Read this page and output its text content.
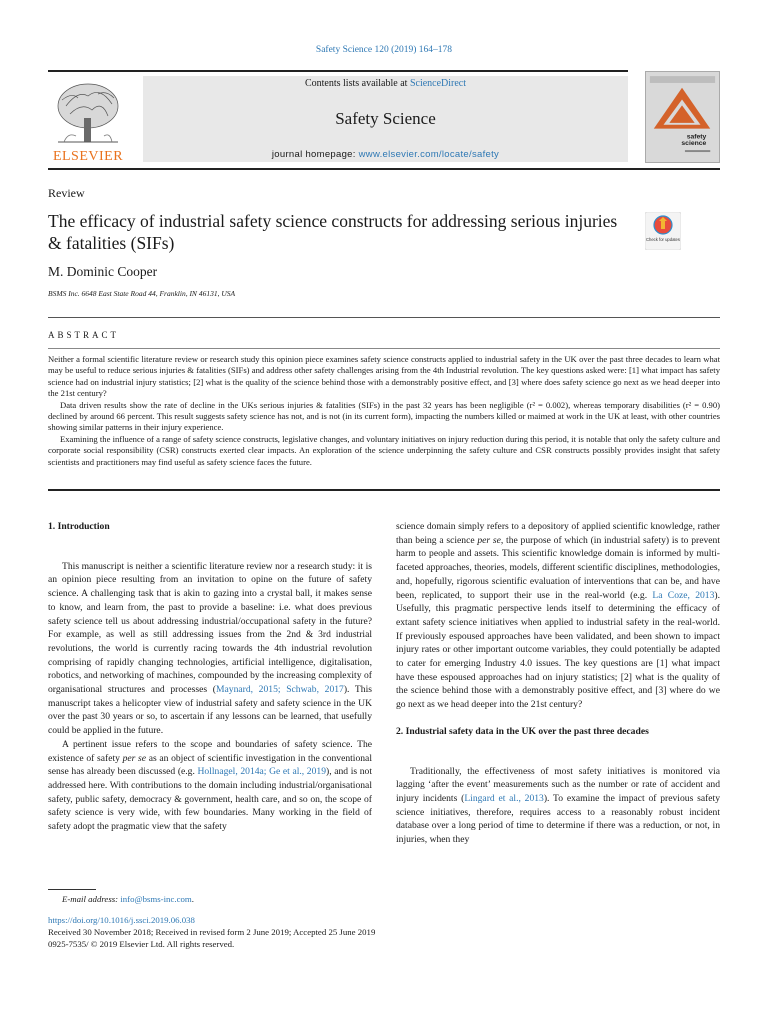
Safety Science 120 (2019) 164–178
ELSEVIER
Contents lists available at ScienceDirect
Safety Science
journal homepage: www.elsevier.com/locate/safety
safety
science
Review
The efficacy of industrial safety science constructs for addressing serious injuries & fatalities (SIFs)
M. Dominic Cooper
BSMS Inc. 6648 East State Road 44, Franklin, IN 46131, USA
Check for updates
ABSTRACT

Neither a formal scientific literature review or research study this opinion piece examines safety science constructs applied to industrial safety in the UK over the past three decades to learn what may be useful to reduce serious injuries & fatalities (SIFs) and address other safety challenges arising from the 4th Industrial revolution. The key questions asked were: [1] what impact has safety science had on industrial injury statistics; [2] what is the quality of the science behind those with a demonstrably positive effect, and [3] where does safety science go next as we head deeper into the 21st century?

Data driven results show the rate of decline in the UKs serious injuries & fatalities (SIFs) in the past 32 years has been negligible (r² = 0.002), whereas temporary disabilities (r² = 0.90) declined by around 66 percent. This result suggests safety science has not, and is not (in its current form), impacting the numbers killed or maimed at work in the UK at least, with other countries showing similar patterns in their injury experience.

Examining the influence of a range of safety science constructs, legislative changes, and voluntary initiatives on injury reduction during this period, it is notable that only the safety culture and corporate social responsibility (CSR) constructs exerted clear impacts. An exploration of the science underpinning the safety culture and CSR constructs possibly provides insight that safety scientists and practitioners may find useful as safety science faces the future.

1. Introduction

This manuscript is neither a scientific literature review nor a research study: it is an opinion piece resulting from an invitation to opine on the future of safety science. A challenging task that is akin to gazing into a crystal ball, it makes sense to know, and learn from, the past to provide a baseline: i.e. what does previous safety science tell us about addressing industrial/occupational safety in the future? For example, as well as still addressing issues from the 2nd & 3rd industrial revolutions, the world is currently racing towards the 4th industrial revolution comprising of rapidly changing technologies, artificial intelligence, digitalisation, robotics, and networking of machines, compounded by the increasing complexity of organisational structures and processes (Maynard, 2015; Schwab, 2017). This manuscript takes a helicopter view of industrial safety and safety science in the UK over the past 30 years or so, to ascertain if any lessons can be learned, that usefully could be applied in the future.

A pertinent issue refers to the scope and boundaries of safety science. The existence of safety per se as an object of scientific investigation in the conventional sense has already been discussed (e.g. Hollnagel, 2014a; Ge et al., 2019), and is not addressed here. With contributions to the domain including industrial/organisational safety, public safety, democracy & government, health care, and so on, the scope of safety science is very wide, with few boundaries. Many working in the field of safety adopt the pragmatic view that the safety

science domain simply refers to a depository of applied scientific knowledge, rather than being a science per se, the purpose of which (in industrial safety) is to prevent harm to people and assets. This scientific knowledge domain is informed by multi-faceted approaches, theories, models, different scientific disciplines, methodologies, and, hopefully, rigorous scientific evaluation of interventions that can be, and have been, replicated, to support their use in the real-world (e.g. La Coze, 2013). Usefully, this pragmatic perspective lends itself to determining the efficacy of extant safety science initiatives when applied to industrial safety in the real-world. If previously espoused approaches have been validated, and been shown to impact injury rates or other important outcome variables, they could potentially be adapted to cater for emerging Industry 4.0 issues. The key questions are [1] what impact have these espoused approaches had on injury statistics; [2] what is the quality of the science behind those with a demonstrably positive effect, and [3] where do we go next as we head deeper into the 21st century?

2. Industrial safety data in the UK over the past three decades

Traditionally, the effectiveness of most safety initiatives is monitored via lagging ‘after the event’ measurements such as the number or rate of accident and injury incidents (Lingard et al., 2013). To examine the impact of previous safety science initiatives, therefore, requires access to a reasonably robust incident database over a long period of time to determine if there was a reduction, or not, in injuries, when they

E-mail address: info@bsms-inc.com.
https://doi.org/10.1016/j.ssci.2019.06.038
Received 30 November 2018; Received in revised form 2 June 2019; Accepted 25 June 2019
0925-7535/ © 2019 Elsevier Ltd. All rights reserved.
